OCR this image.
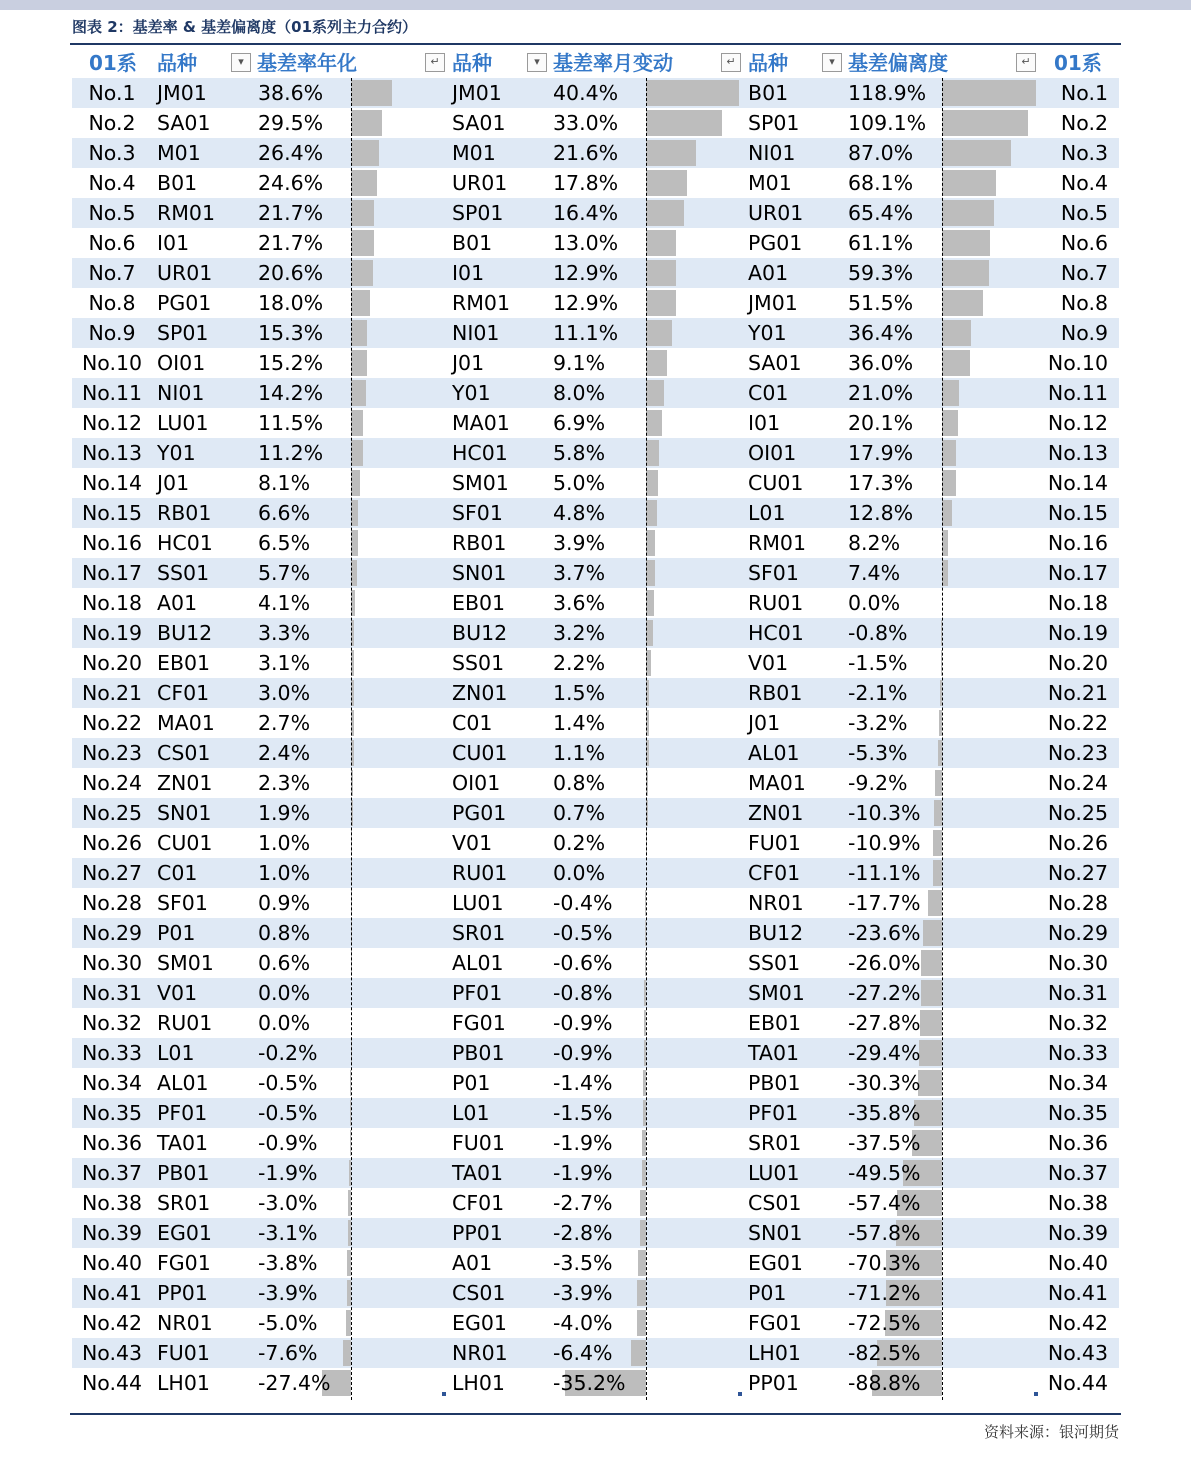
图表 2：基差率 & 基差偏离度（01系列主力合约）
01系 品种	▾ 基差率年化	↵ 品种	▾ 基差率月变动	↵ 品种	▾ 基差偏离度	↵ 01系
No.1	JM01 38.6%	JM01 40.4%	B01	118.9%	No.1
No.2	SA01 29.5%	SA01 33.0%	SP01 109.1%	No.2
No.3	M01	26.4%	M01	21.6%	NI01	87.0%	No.3
No.4	B01	24.6%	UR01 17.8%	M01	68.1%	No.4
No.5	RM01 21.7%	SP01 16.4%	UR01 65.4%	No.5
No.6	I01	21.7%	B01	13.0%	PG01 61.1%	No.6
No.7	UR01 20.6%	I01	12.9%	A01	59.3%	No.7
No.8	PG01 18.0%	RM01 12.9%	JM01 51.5%	No.8
No.9	SP01 15.3%	NI01	11.1%	Y01	36.4%	No.9
No.10 OI01	15.2%	J01	9.1%	SA01 36.0%	No.10
No.11 NI01	14.2%	Y01	8.0%	C01	21.0%	No.11
No.12 LU01 11.5%	MA01 6.9%	I01	20.1%	No.12
No.13 Y01	11.2%	HC01 5.8%	OI01	17.9%	No.13
No.14 J01	8.1%	SM01 5.0%	CU01 17.3%	No.14
No.15 RB01 6.6%	SF01 4.8%	L01	12.8%	No.15
No.16 HC01 6.5%	RB01 3.9%	RM01 8.2%	No.16
No.17 SS01 5.7%	SN01 3.7%	SF01 7.4%	No.17
No.18 A01	4.1%	EB01 3.6%	RU01 0.0%	No.18
No.19 BU12 3.3%	BU12 3.2%	HC01 -0.8%	No.19
No.20 EB01 3.1%	SS01 2.2%	V01	-1.5%	No.20
No.21 CF01 3.0%	ZN01 1.5%	RB01 -2.1%	No.21
No.22 MA01 2.7%	C01	1.4%	J01	-3.2%	No.22
No.23 CS01 2.4%	CU01 1.1%	AL01 -5.3%	No.23
No.24 ZN01 2.3%	OI01	0.8%	MA01 -9.2%	No.24
No.25 SN01 1.9%	PG01 0.7%	ZN01 -10.3%	No.25
No.26 CU01 1.0%	V01	0.2%	FU01 -10.9%	No.26
No.27 C01	1.0%	RU01 0.0%	CF01 -11.1%	No.27
No.28 SF01 0.9%	LU01 -0.4%	NR01 -17.7%	No.28
No.29 P01	0.8%	SR01 -0.5%	BU12 -23.6%	No.29
No.30 SM01 0.6%	AL01 -0.6%	SS01 -26.0%	No.30
No.31 V01	0.0%	PF01 -0.8%	SM01 -27.2%	No.31
No.32 RU01 0.0%	FG01 -0.9%	EB01 -27.8%	No.32
No.33 L01	-0.2%	PB01 -0.9%	TA01 -29.4%	No.33
No.34 AL01 -0.5%	P01	-1.4%	PB01 -30.3%	No.34
No.35 PF01 -0.5%	L01	-1.5%	PF01 -35.8%	No.35
No.36 TA01 -0.9%	FU01 -1.9%	SR01 -37.5%	No.36
No.37 PB01 -1.9%	TA01 -1.9%	LU01 -49.5%	No.37
No.38 SR01 -3.0%	CF01 -2.7%	CS01 -57.4%	No.38
No.39 EG01 -3.1%	PP01 -2.8%	SN01 -57.8%	No.39
No.40 FG01 -3.8%	A01	-3.5%	EG01 -70.3%	No.40
No.41 PP01 -3.9%	CS01 -3.9%	P01	-71.2%	No.41
No.42 NR01 -5.0%	EG01 -4.0%	FG01 -72.5%	No.42
No.43 FU01 -7.6%	NR01 -6.4%	LH01 -82.5%	No.43
No.44 LH01 -27.4%	LH01 -35.2%	PP01 -88.8%	No.44
资料来源：银河期货
